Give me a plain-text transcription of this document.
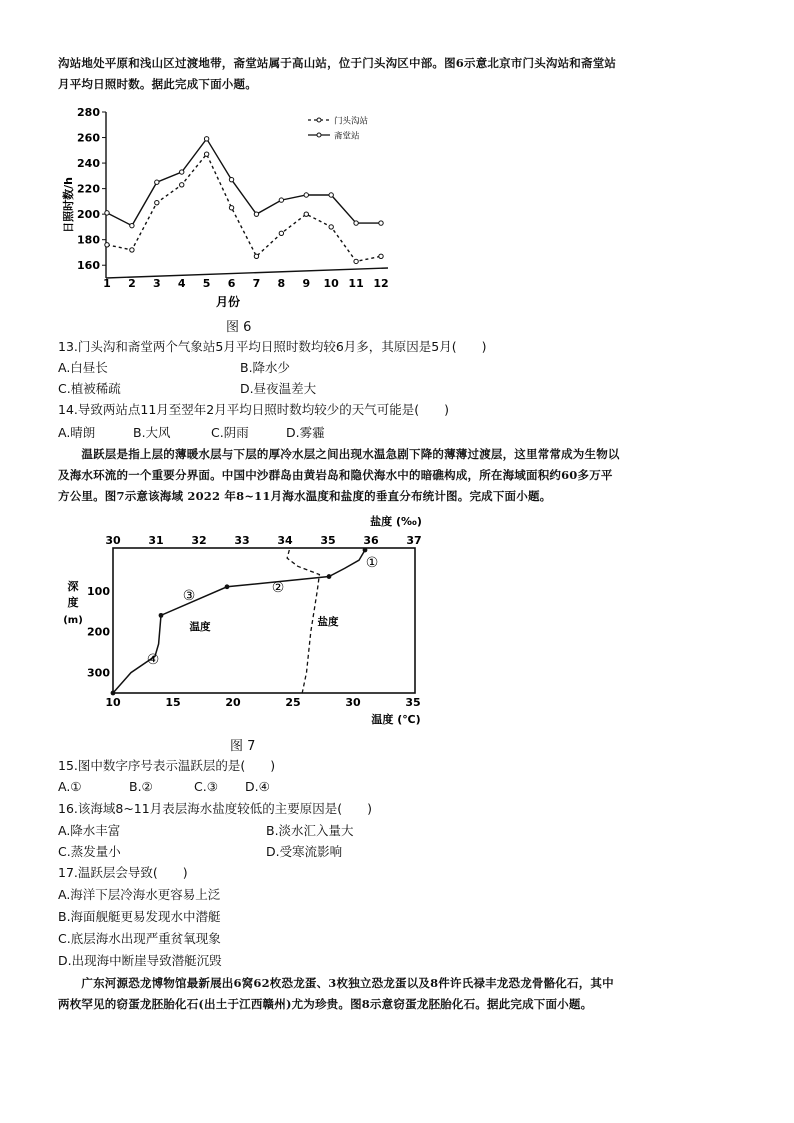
沟站地处平原和浅山区过渡地带，斋堂站属于高山站，位于门头沟区中部。图6示意北京市门头沟站和斋堂站
月平均日照时数。据此完成下面小题。
160
180
200
220
240
260
280
1 2 3 4 5 6 7 8 9 10 11 12
月份
日照时数/h
门头沟站
斋堂站
图 6
13.门头沟和斋堂两个气象站5月平均日照时数均较6月多，其原因是5月(　　)
A.白昼长	B.降水少
C.植被稀疏	D.昼夜温差大
14.导致两站点11月至翌年2月平均日照时数均较少的天气可能是(　　)
A.晴朗	B.大风	C.阴雨	D.雾霾
　　温跃层是指上层的薄暖水层与下层的厚冷水层之间出现水温急剧下降的薄薄过渡层，这里常常成为生物以
及海水环流的一个重要分界面。中国中沙群岛由黄岩岛和隐伏海水中的暗礁构成，所在海域面积约60多万平
方公里。图7示意该海域 2022 年8~11月海水温度和盐度的垂直分布统计图。完成下面小题。
30	31	32	33	34	35	36	37
盐度 (‰)
10	15	20	25	30	35
温度 (℃)
100
200
300
深
度
(m)
温度	盐度
①
②
③
④
图 7
15.图中数字序号表示温跃层的是(　　)
A.①	B.②	C.③ D.④
16.该海域8~11月表层海水盐度较低的主要原因是(　　)
A.降水丰富	B.淡水汇入量大
C.蒸发量小	D.受寒流影响
17.温跃层会导致(　　)
A.海洋下层冷海水更容易上泛
B.海面舰艇更易发现水中潜艇
C.底层海水出现严重贫氧现象
D.出现海中断崖导致潜艇沉毁
　　广东河源恐龙博物馆最新展出6窝62枚恐龙蛋、3枚独立恐龙蛋以及8件许氏禄丰龙恐龙骨骼化石，其中
两枚罕见的窃蛋龙胚胎化石(出土于江西赣州)尤为珍贵。图8示意窃蛋龙胚胎化石。据此完成下面小题。
